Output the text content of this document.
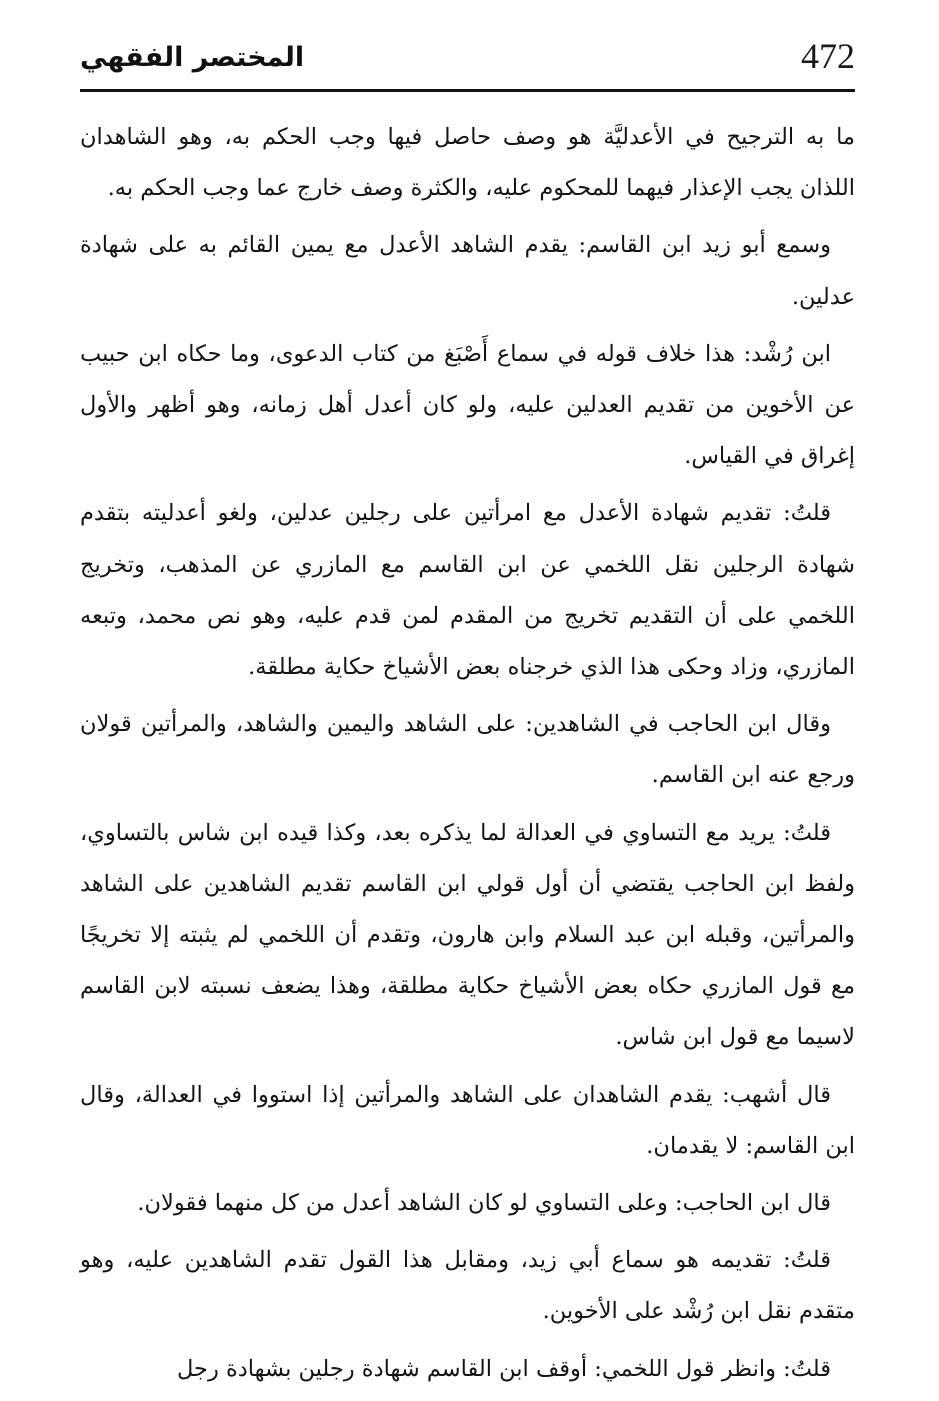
472
المختصر الفقهي

ما به الترجيح في الأعدليَّة هو وصف حاصل فيها وجب الحكم به، وهو الشاهدان اللذان يجب الإعذار فيهما للمحكوم عليه، والكثرة وصف خارج عما وجب الحكم به.

وسمع أبو زيد ابن القاسم: يقدم الشاهد الأعدل مع يمين القائم به على شهادة عدلين.

ابن رُشْد: هذا خلاف قوله في سماع أَصْبَغ من كتاب الدعوى، وما حكاه ابن حبيب عن الأخوين من تقديم العدلين عليه، ولو كان أعدل أهل زمانه، وهو أظهر والأول إغراق في القياس.

قلتُ: تقديم شهادة الأعدل مع امرأتين على رجلين عدلين، ولغو أعدليته بتقدم شهادة الرجلين نقل اللخمي عن ابن القاسم مع المازري عن المذهب، وتخريج اللخمي على أن التقديم تخريج من المقدم لمن قدم عليه، وهو نص محمد، وتبعه المازري، وزاد وحكى هذا الذي خرجناه بعض الأشياخ حكاية مطلقة.

وقال ابن الحاجب في الشاهدين: على الشاهد واليمين والشاهد، والمرأتين قولان ورجع عنه ابن القاسم.

قلتُ: يريد مع التساوي في العدالة لما يذكره بعد، وكذا قيده ابن شاس بالتساوي، ولفظ ابن الحاجب يقتضي أن أول قولي ابن القاسم تقديم الشاهدين على الشاهد والمرأتين، وقبله ابن عبد السلام وابن هارون، وتقدم أن اللخمي لم يثبته إلا تخريجًا مع قول المازري حكاه بعض الأشياخ حكاية مطلقة، وهذا يضعف نسبته لابن القاسم لاسيما مع قول ابن شاس.

قال أشهب: يقدم الشاهدان على الشاهد والمرأتين إذا استووا في العدالة، وقال ابن القاسم: لا يقدمان.

قال ابن الحاجب: وعلى التساوي لو كان الشاهد أعدل من كل منهما فقولان.

قلتُ: تقديمه هو سماع أبي زيد، ومقابل هذا القول تقدم الشاهدين عليه، وهو متقدم نقل ابن رُشْد على الأخوين.

قلتُ: وانظر قول اللخمي: أوقف ابن القاسم شهادة رجلين بشهادة رجل
